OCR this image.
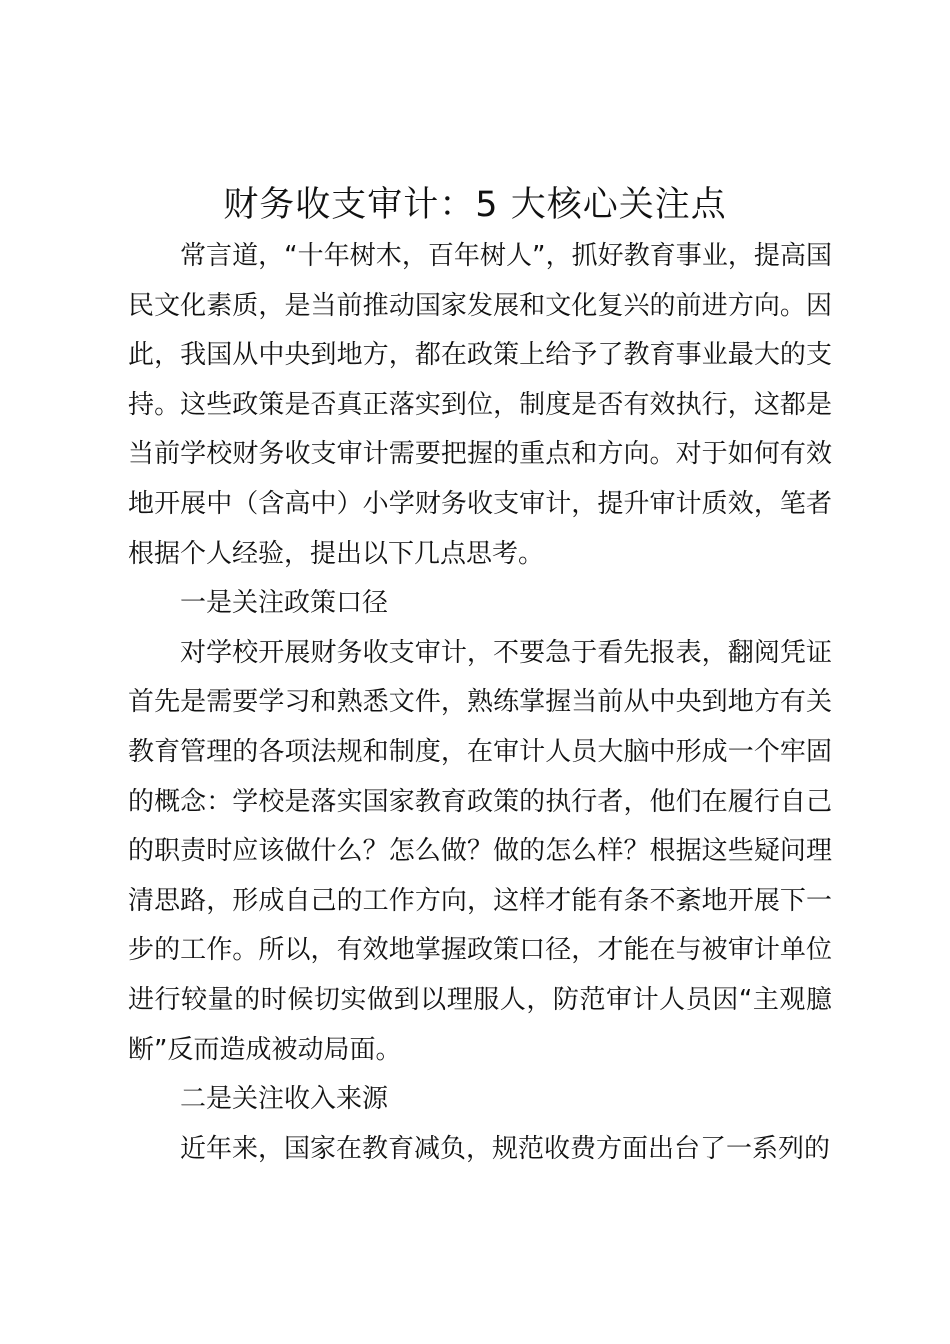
财务收支审计：5 大核心关注点

常言道，“十年树木，百年树人”，抓好教育事业，提高国民文化素质，是当前推动国家发展和文化复兴的前进方向。因此，我国从中央到地方，都在政策上给予了教育事业最大的支持。这些政策是否真正落实到位，制度是否有效执行，这都是当前学校财务收支审计需要把握的重点和方向。对于如何有效地开展中（含高中）小学财务收支审计，提升审计质效，笔者根据个人经验，提出以下几点思考。

一是关注政策口径

对学校开展财务收支审计，不要急于看先报表，翻阅凭证首先是需要学习和熟悉文件，熟练掌握当前从中央到地方有关教育管理的各项法规和制度，在审计人员大脑中形成一个牢固的概念：学校是落实国家教育政策的执行者，他们在履行自己的职责时应该做什么？怎么做？做的怎么样？根据这些疑问理清思路，形成自己的工作方向，这样才能有条不紊地开展下一步的工作。所以，有效地掌握政策口径，才能在与被审计单位进行较量的时候切实做到以理服人，防范审计人员因“主观臆断”反而造成被动局面。

二是关注收入来源

近年来，国家在教育减负，规范收费方面出台了一系列的
